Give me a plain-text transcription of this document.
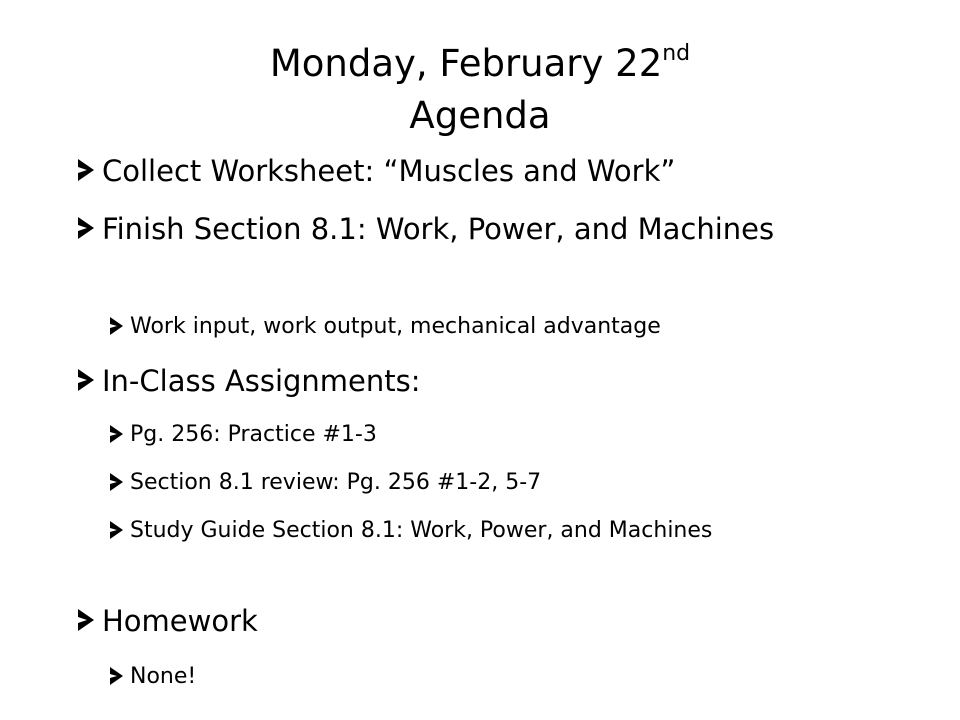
Monday, February 22nd
Agenda
Collect Worksheet: “Muscles and Work”
Finish Section 8.1: Work, Power, and Machines
Work input, work output, mechanical advantage
In-Class Assignments:
Pg. 256: Practice #1-3
Section 8.1 review: Pg. 256 #1-2, 5-7
Study Guide Section 8.1: Work, Power, and Machines
Homework
None!
